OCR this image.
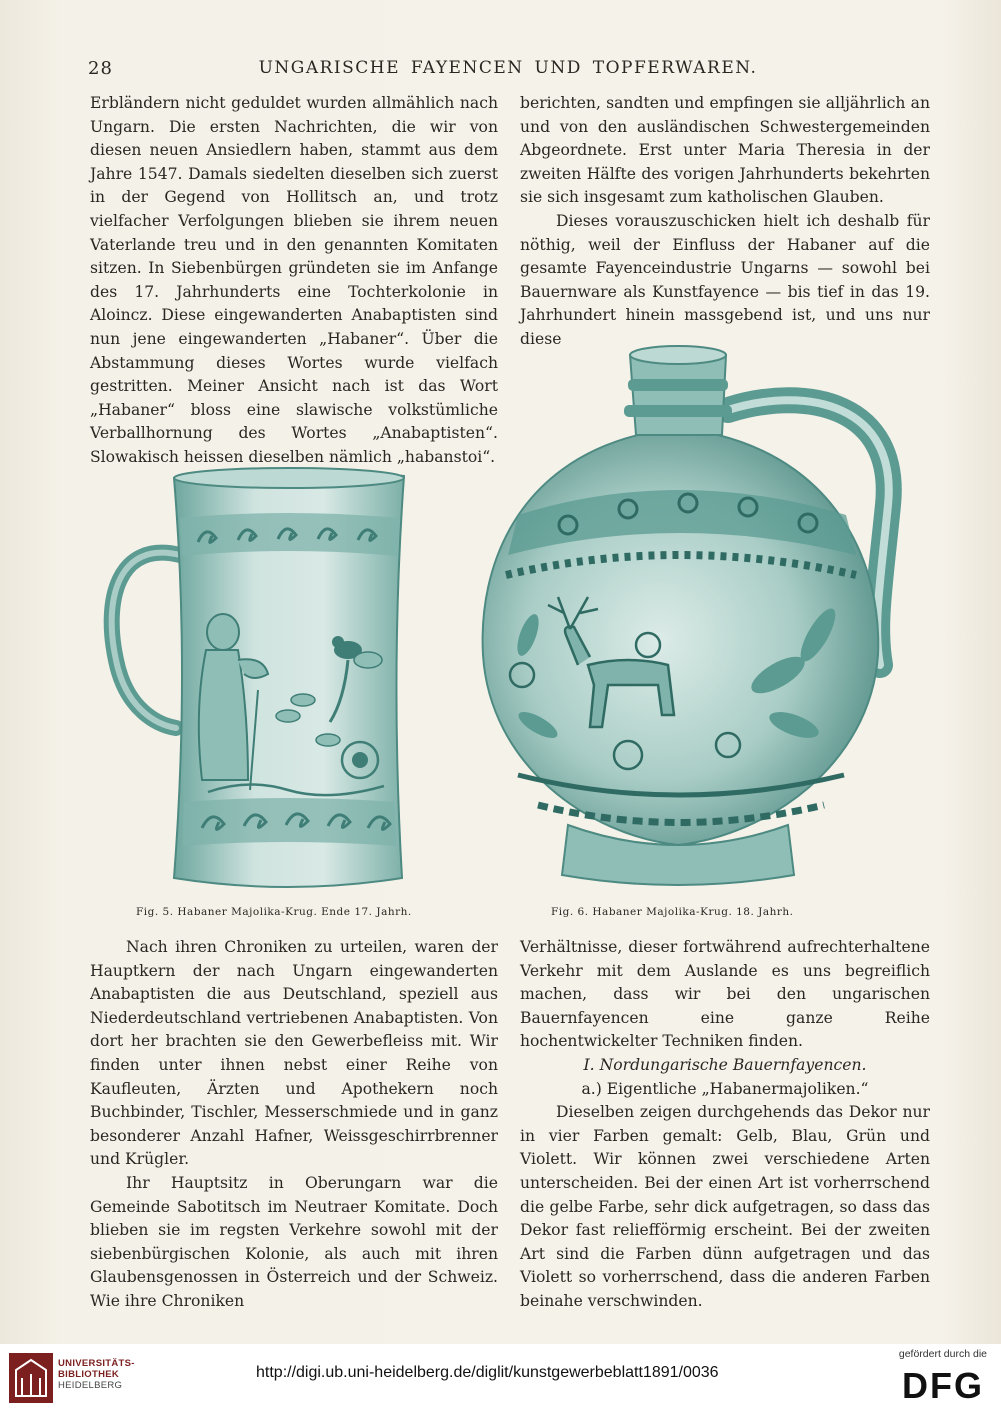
28	UNGARISCHE FAYENCEN UND TOPFERWAREN.

Erbländern nicht geduldet wurden allmählich nach Ungarn. Die ersten Nachrichten, die wir von diesen neuen Ansiedlern haben, stammt aus dem Jahre 1547. Damals siedelten dieselben sich zuerst in der Gegend von Hollitsch an, und trotz vielfacher Verfolgungen blieben sie ihrem neuen Vaterlande treu und in den genannten Komitaten sitzen. In Siebenbürgen gründeten sie im Anfange des 17. Jahrhunderts eine Tochterkolonie in Aloincz. Diese eingewanderten Anabaptisten sind nun jene eingewanderten „Habaner“. Über die Abstammung dieses Wortes wurde vielfach gestritten. Meiner Ansicht nach ist das Wort „Habaner“ bloss eine slawische volkstümliche Verballhornung des Wortes „Anabaptisten“. Slowakisch heissen dieselben nämlich „habanstoi“.

berichten, sandten und empfingen sie alljährlich an und von den ausländischen Schwestergemeinden Abgeordnete. Erst unter Maria Theresia in der zweiten Hälfte des vorigen Jahrhunderts bekehrten sie sich insgesamt zum katholischen Glauben.

Dieses vorauszuschicken hielt ich deshalb für nöthig, weil der Einfluss der Habaner auf die gesamte Fayenceindustrie Ungarns — sowohl bei Bauernware als Kunstfayence — bis tief in das 19. Jahrhundert hinein massgebend ist, und uns nur diese

Fig. 5. Habaner Majolika-Krug. Ende 17. Jahrh.	Fig. 6. Habaner Majolika-Krug. 18. Jahrh.

Nach ihren Chroniken zu urteilen, waren der Hauptkern der nach Ungarn eingewanderten Anabaptisten die aus Deutschland, speziell aus Niederdeutschland vertriebenen Anabaptisten. Von dort her brachten sie den Gewerbefleiss mit. Wir finden unter ihnen nebst einer Reihe von Kaufleuten, Ärzten und Apothekern noch Buchbinder, Tischler, Messerschmiede und in ganz besonderer Anzahl Hafner, Weissgeschirrbrenner und Krügler.

Ihr Hauptsitz in Oberungarn war die Gemeinde Sabotitsch im Neutraer Komitate. Doch blieben sie im regsten Verkehre sowohl mit der siebenbürgischen Kolonie, als auch mit ihren Glaubensgenossen in Österreich und der Schweiz. Wie ihre Chroniken

Verhältnisse, dieser fortwährend aufrechterhaltene Verkehr mit dem Auslande es uns begreiflich machen, dass wir bei den ungarischen Bauernfayencen eine ganze Reihe hochentwickelter Techniken finden.

I. Nordungarische Bauernfayencen.

a.) Eigentliche „Habanermajoliken.“

Dieselben zeigen durchgehends das Dekor nur in vier Farben gemalt: Gelb, Blau, Grün und Violett. Wir können zwei verschiedene Arten unterscheiden. Bei der einen Art ist vorherrschend die gelbe Farbe, sehr dick aufgetragen, so dass das Dekor fast reliefförmig erscheint. Bei der zweiten Art sind die Farben dünn aufgetragen und das Violett so vorherrschend, dass die anderen Farben beinahe verschwinden.

UNIVERSITÄTS-
BIBLIOTHEK
HEIDELBERG
http://digi.ub.uni-heidelberg.de/diglit/kunstgewerbeblatt1891/0036
gefördert durch die
DFG
